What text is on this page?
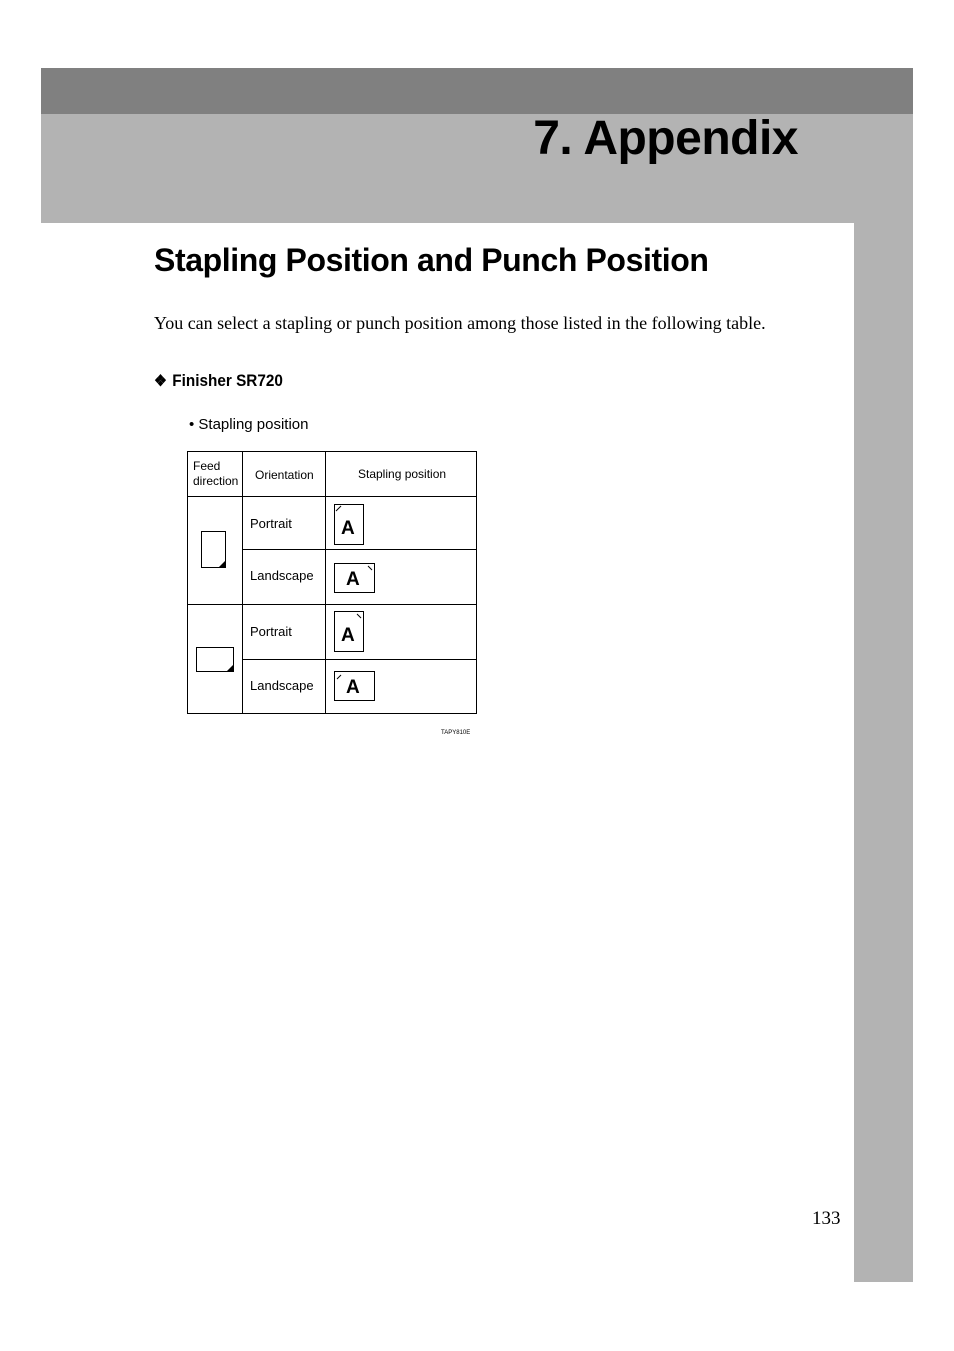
7. Appendix
Stapling Position and Punch Position

You can select a stapling or punch position among those listed in the following table.

❖ Finisher SR720
• Stapling position
Feed
direction Orientation	Stapling position
Portrait
Landscape
Portrait
Landscape
A
A
A
A
TAPY810E
133
